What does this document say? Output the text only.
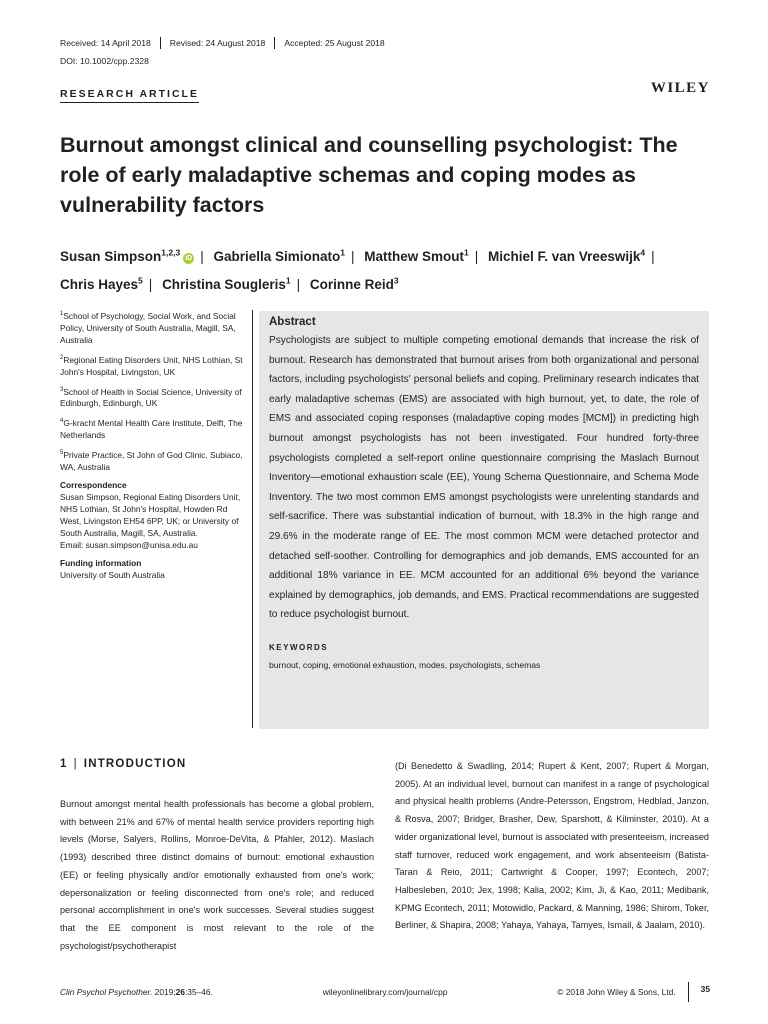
Received: 14 April 2018	Revised: 24 August 2018	Accepted: 25 August 2018
DOI: 10.1002/cpp.2328
RESEARCH ARTICLE	WILEY
Burnout amongst clinical and counselling psychologist: The role of early maladaptive schemas and coping modes as vulnerability factors
Susan Simpson$^{1,2,3}$iD | Gabriella Simionato$^1$ | Matthew Smout$^1$ | Michiel F. van Vreeswijk$^4$ |
Chris Hayes$^5$ | Christina Sougleris$^1$ | Corinne Reid$^3$
$^1$School of Psychology, Social Work, and Social Policy, University of South Australia, Magill, SA, Australia
$^2$Regional Eating Disorders Unit, NHS Lothian, St John's Hospital, Livingston, UK
$^3$School of Health in Social Science, University of Edinburgh, Edinburgh, UK
$^4$G-kracht Mental Health Care Institute, Delft, The Netherlands
$^5$Private Practice, St John of God Clinic, Subiaco, WA, Australia
Correspondence
Susan Simpson, Regional Eating Disorders Unit, NHS Lothian, St John's Hospital, Howden Rd West, Livingston EH54 6PP, UK; or University of South Australia, Magill, SA, Australia.
Email: susan.simpson@unisa.edu.au
Funding information
University of South Australia
Abstract

Psychologists are subject to multiple competing emotional demands that increase the risk of burnout. Research has demonstrated that burnout arises from both organizational and personal factors, including psychologists' personal beliefs and coping. Preliminary research indicates that early maladaptive schemas (EMS) are associated with high burnout, yet, to date, the role of EMS and associated coping responses (maladaptive coping modes [MCM]) in predicting high burnout amongst psychologists has not been investigated. Four hundred forty-three psychologists completed a self-report online questionnaire comprising the Maslach Burnout Inventory—emotional exhaustion scale (EE), Young Schema Questionnaire, and Schema Mode Inventory. The two most common EMS amongst psychologists were unrelenting standards and self-sacrifice. There was substantial indication of burnout, with 18.3% in the high range and 29.6% in the moderate range of EE. The most common MCM were detached protector and detached self-soother. Controlling for demographics and job demands, EMS accounted for an additional 18% variance in EE. MCM accounted for an additional 6% beyond the variance explained by demographics, job demands, and EMS. Practical recommendations are suggested to reduce psychologist burnout.

KEYWORDS
burnout, coping, emotional exhaustion, modes, psychologists, schemas
1 | INTRODUCTION
Burnout amongst mental health professionals has become a global problem, with between 21% and 67% of mental health service providers reporting high levels (Morse, Salyers, Rollins, Monroe-DeVita, & Pfahler, 2012). Maslach (1993) described three distinct domains of burnout: emotional exhaustion (EE) or feeling physically and/or emotionally exhausted from one's work; depersonalization or feeling disconnected from one's role; and reduced personal accomplishment in one's work successes. Several studies suggest that the EE component is most relevant to the role of the psychologist/psychotherapist
(Di Benedetto & Swadling, 2014; Rupert & Kent, 2007; Rupert & Morgan, 2005). At an individual level, burnout can manifest in a range of psychological and physical health problems (Andre-Petersson, Engstrom, Hedblad, Janzon, & Rosva, 2007; Bridger, Brasher, Dew, Sparshott, & Kilminster, 2010). At a wider organizational level, burnout is associated with presenteeism, increased staff turnover, reduced work engagement, and work absenteeism (Batista-Taran & Reio, 2011; Cartwright & Cooper, 1997; Econtech, 2007; Halbesleben, 2010; Jex, 1998; Kalia, 2002; Kim, Ji, & Kao, 2011; Medibank, KPMG Econtech, 2011; Motowidlo, Packard, & Manning, 1986; Shirom, Toker, Berliner, & Shapira, 2008; Yahaya, Yahaya, Tamyes, Ismail, & Jaalam, 2010).
Clin Psychol Psychother. 2019;26:35–46.	wileyonlinelibrary.com/journal/cpp	© 2018 John Wiley & Sons, Ltd.	35
